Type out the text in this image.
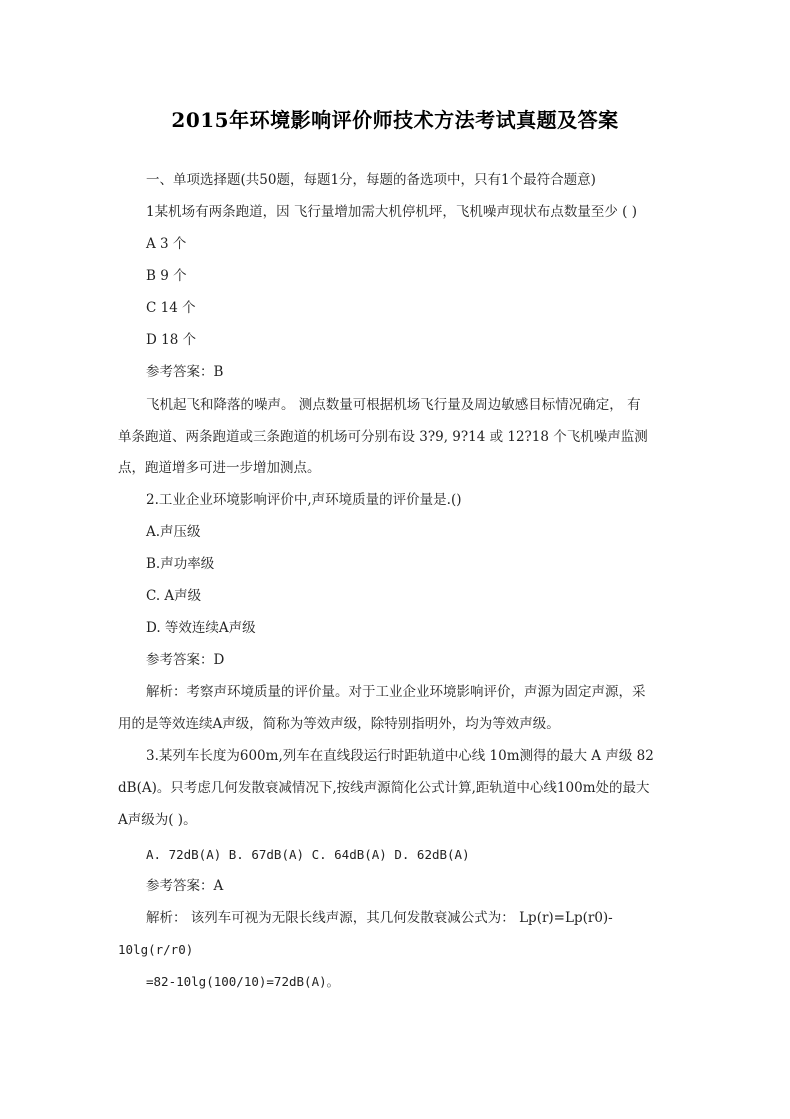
2015年环境影响评价师技术方法考试真题及答案
一、单项选择题(共50题，每题1分，每题的备选项中，只有1个最符合题意)
1某机场有两条跑道，因 飞行量增加需大机停机坪，飞机噪声现状布点数量至少 ( )
A 3 个
B 9 个
C 14 个
D 18 个
参考答案：B
飞机起飞和降落的噪声。 测点数量可根据机场飞行量及周边敏感目标情况确定， 有
单条跑道、两条跑道或三条跑道的机场可分别布设 3?9, 9?14 或 12?18 个飞机噪声监测
点，跑道增多可进一步增加测点。
2.工业企业环境影响评价中,声环境质量的评价量是.()
A.声压级
B.声功率级
C. A声级
D. 等效连续A声级
参考答案：D
解析：考察声环境质量的评价量。对于工业企业环境影响评价，声源为固定声源，采
用的是等效连续A声级，简称为等效声级，除特别指明外，均为等效声级。
3.某列车长度为600m,列车在直线段运行时距轨道中心线 10m测得的最大 A 声级 82
dB(A)。只考虑几何发散衰减情况下,按线声源简化公式计算,距轨道中心线100m处的最大
A声级为( )。
A. 72dB(A) B. 67dB(A) C. 64dB(A) D. 62dB(A)
参考答案：A
解析： 该列车可视为无限长线声源，其几何发散衰减公式为： Lp(r)=Lp(r0)-
10lg(r/r0)
=82-10lg(100/10)=72dB(A)。
